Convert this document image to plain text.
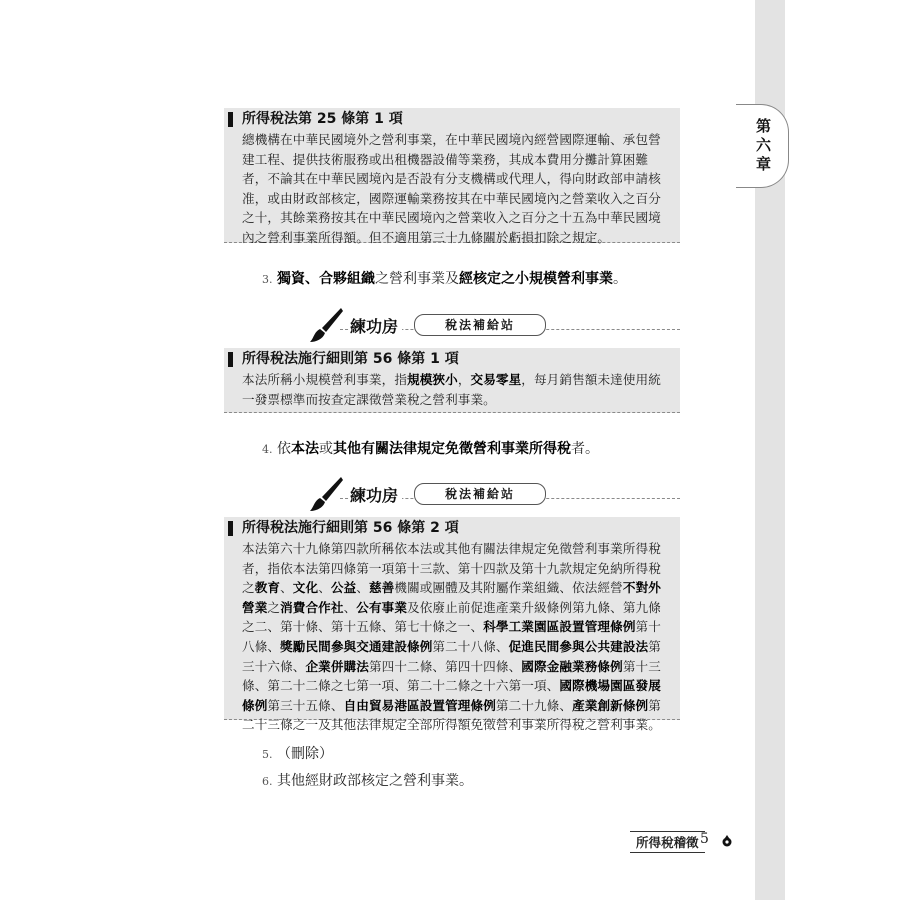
第六章
所得稅法第 25 條第 1 項
總機構在中華民國境外之營利事業，在中華民國境內經營國際運輸、承包營建工程、提供技術服務或出租機器設備等業務，其成本費用分攤計算困難者，不論其在中華民國境內是否設有分支機構或代理人，得向財政部申請核准，或由財政部核定，國際運輸業務按其在中華民國境內之營業收入之百分之十，其餘業務按其在中華民國境內之營業收入之百分之十五為中華民國境內之營利事業所得額。但不適用第三十九條關於虧損扣除之規定。
3. 獨資、合夥組織之營利事業及經核定之小規模營利事業。
練功房	稅法補給站
所得稅法施行細則第 56 條第 1 項
本法所稱小規模營利事業，指規模狹小，交易零星，每月銷售額未達使用統一發票標準而按查定課徵營業稅之營利事業。
4. 依本法或其他有關法律規定免徵營利事業所得稅者。
練功房	稅法補給站
所得稅法施行細則第 56 條第 2 項
本法第六十九條第四款所稱依本法或其他有關法律規定免徵營利事業所得稅者，指依本法第四條第一項第十三款、第十四款及第十九款規定免納所得稅之教育、文化、公益、慈善機關或團體及其附屬作業組織、依法經營不對外營業之消費合作社、公有事業及依廢止前促進產業升級條例第九條、第九條之二、第十條、第十五條、第七十條之一、科學工業園區設置管理條例第十八條、獎勵民間參與交通建設條例第二十八條、促進民間參與公共建設法第三十六條、企業併購法第四十二條、第四十四條、國際金融業務條例第十三條、第二十二條之七第一項、第二十二條之十六第一項、國際機場園區發展條例第三十五條、自由貿易港區設置管理條例第二十九條、產業創新條例第二十三條之一及其他法律規定全部所得額免徵營利事業所得稅之營利事業。
5. （刪除）
6. 其他經財政部核定之營利事業。
所得稅稽徵 5
